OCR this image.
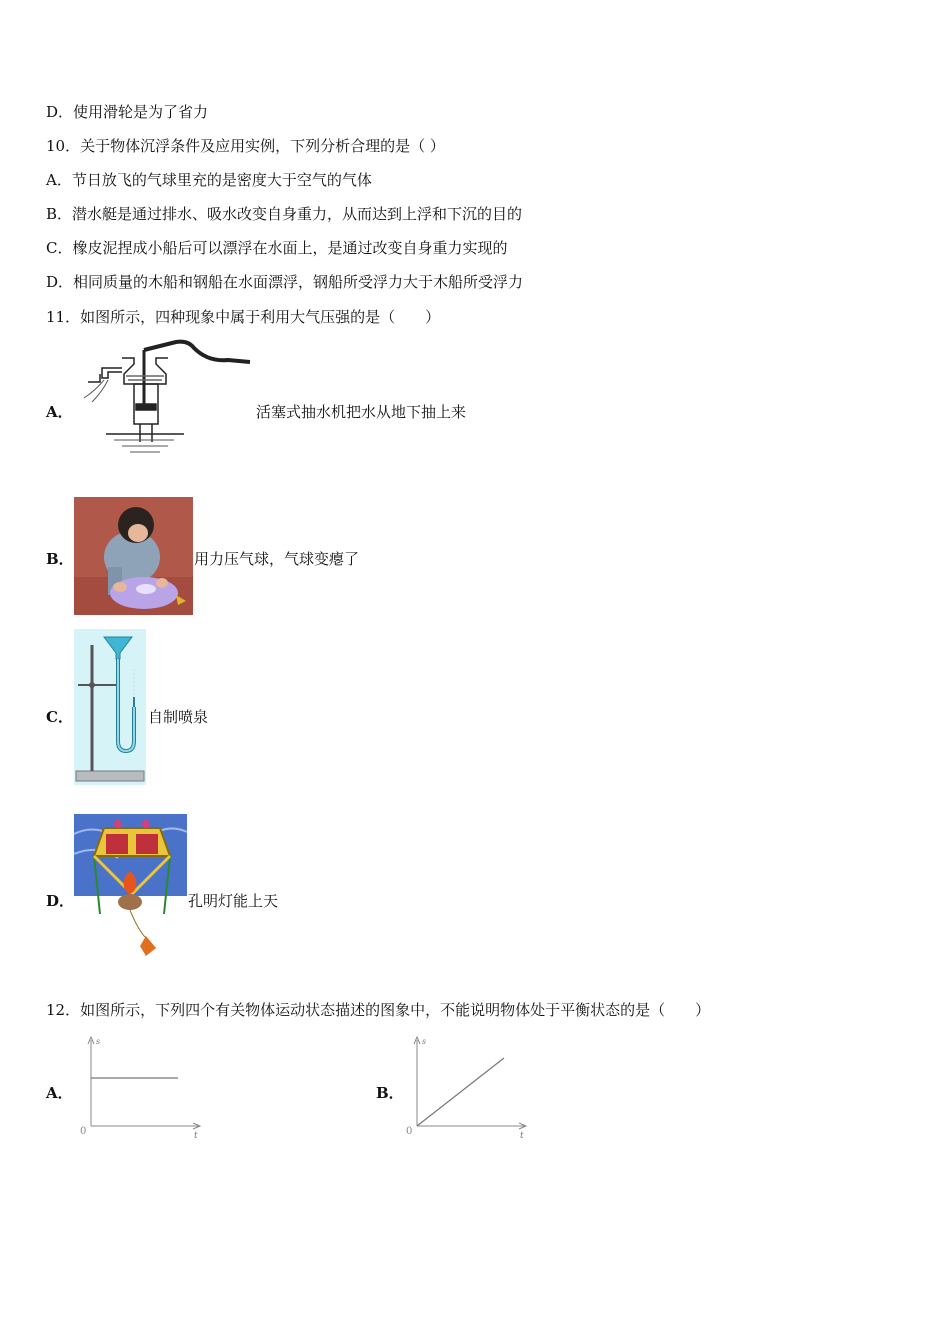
D．使用滑轮是为了省力
10．关于物体沉浮条件及应用实例，下列分析合理的是（ ）
A．节日放飞的气球里充的是密度大于空气的气体
B．潜水艇是通过排水、吸水改变自身重力，从而达到上浮和下沉的目的
C．橡皮泥捏成小船后可以漂浮在水面上，是通过改变自身重力实现的
D．相同质量的木船和钢船在水面漂浮，钢船所受浮力大于木船所受浮力
11．如图所示，四种现象中属于利用大气压强的是（　　）
A．	活塞式抽水机把水从地下抽上来
B．	用力压气球，气球变瘪了
C．	自制喷泉
D．	孔明灯能上天
12．如图所示，下列四个有关物体运动状态描述的图象中，不能说明物体处于平衡状态的是（　　）
A．
s
0	t
B．
s
0	t
